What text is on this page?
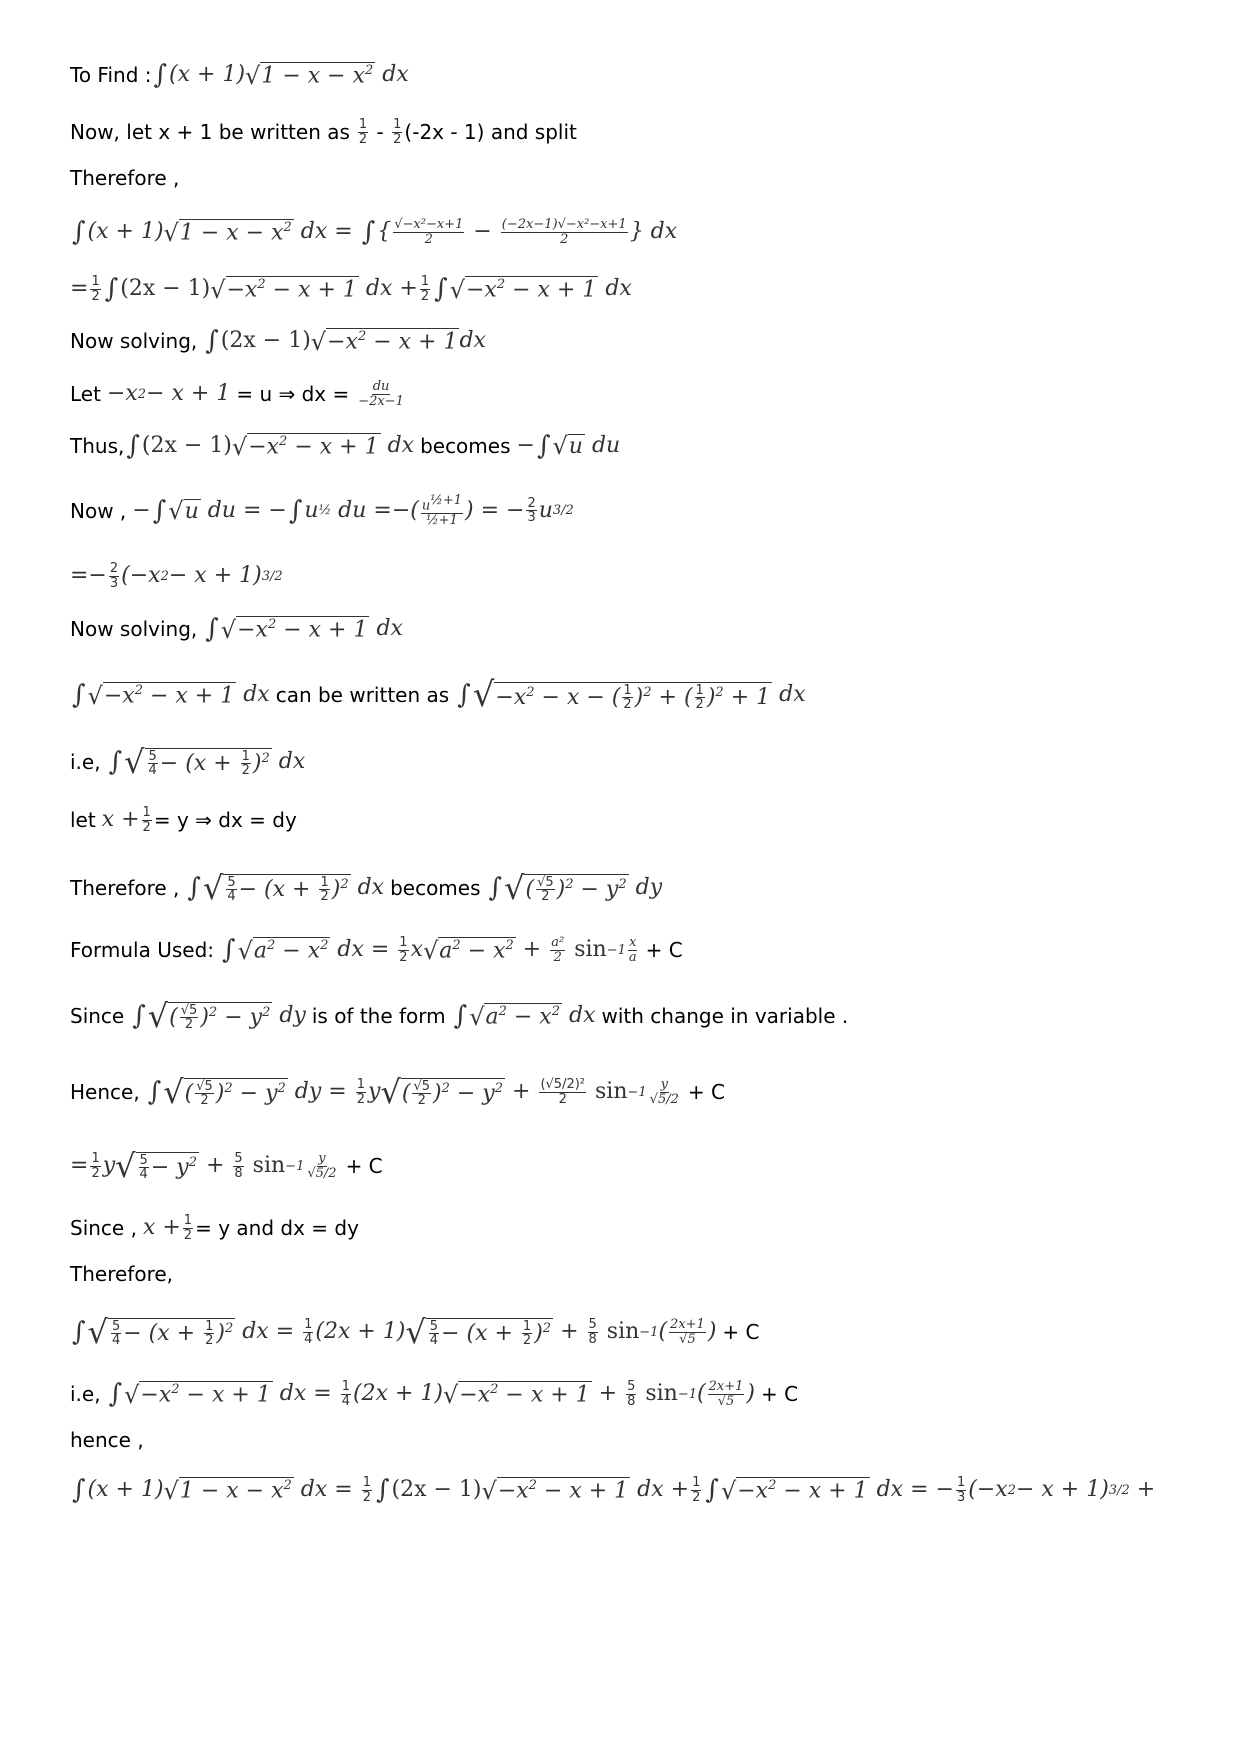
To Find : ∫ (x + 1) √ $1 - x - x^2$ dx
Now, let x + 1 be written as $\frac{1}{2} - \frac{1}{2} (-2x - 1)$ and split
Therefore ,
∫ (x + 1) √ $1 - x - x^2$ dx = ∫ { $\frac{\text{√−x²−x+1}}{2} - \frac{\text{(−2x−1)√−x²−x+1}}{2}$ } dx
= $\frac{1}{2}$ ∫ (2x − 1) √ $-x^2 - x + 1$ dx + $\frac{1}{2}$ ∫ √ $-x^2 - x + 1$ dx
Now solving, ∫ (2x − 1) √ $-x^2 - x + 1$ dx
Let −x 2 − x + 1 = u ⇒ dx = $\frac{du}{-2x-1}$
Thus, ∫ (2x − 1) √ $-x^2 - x + 1$ dx becomes − ∫ √ u du
Now , − ∫ √ u du = − ∫ u ½ du =−( $\frac{u^{\frac{1}{2}+1}}{\text{½+1}}$ ) = − $\frac{2}{3}$ u 3/2
=− $\frac{2}{3} (-x$ 2 − x + 1) 3/2
Now solving, ∫ √ $-x^2 - x + 1$ dx
∫ √ $-x^2 - x + 1$ dx can be written as ∫ √ $-x^2 - x$ − ( $\frac{1}{2} )^2$ + ( $\frac{1}{2} )^2 + 1$ dx
i.e, ∫ √ $\frac{5}{4} - (x + \frac{1}{2} )^2$ dx
let $x + \frac{1}{2} = y$ ⇒ dx = dy
Therefore , ∫ √ $\frac{5}{4} - (x + \frac{1}{2} )^2$ dx becomes ∫ √ ( $\frac{√5}{2} )^2 - y^2$ dy
Formula Used: ∫ √ $a^2 - x^2$ dx = $\frac{1}{2}$ x √ $a^2 - x^2 + \frac{\text{a²}}{2}$
$\sin -1 \frac{x}{a} + C$
Since ∫ √ ( $\frac{√5}{2} )^2 - y^2$ dy is of the form ∫ √ $a^2 - x^2$ dx with change in variable .
Hence, ∫ √ ( $\frac{√5}{2} )^2 - y^2$ dy = $\frac{1}{2}$ y √ ( $\frac{√5}{2} )^2 - y^2 + \frac{\text{(√5/2)²}}{2}$
$\sin -1 \frac{y}{√5/2} + C$
= $\frac{1}{2}$ y √ $\frac{5}{4} - y^2 + \frac{5}{8}$
$\sin -1 \frac{y}{√5/2} + C$
Since , $x + \frac{1}{2} = y$ and dx = dy
Therefore,
∫ √ $\frac{5}{4} - (x + \frac{1}{2} )^2$ dx = $\frac{1}{4} (2x + 1)$ √ $\frac{5}{4} - (x + \frac{1}{2} )^2 + \frac{5}{8}$
sin −1 ( $\frac{2x+1}{√5}$ ) + C
i.e, ∫ √ $-x^2 - x + 1$ dx = $\frac{1}{4} (2x + 1)$ √ $-x^2 - x + 1 + \frac{5}{8}$
sin −1 ( $\frac{2x+1}{√5}$ ) + C
hence ,
∫ (x + 1) √ $1 - x - x^2$ dx = $\frac{1}{2}$ ∫ (2x − 1) √ $-x^2 - x + 1$ dx + $\frac{1}{2}$ ∫ √ $-x^2 - x + 1$ dx = − $\frac{1}{3} (-x$ 2 − x + 1) 3/2 +
